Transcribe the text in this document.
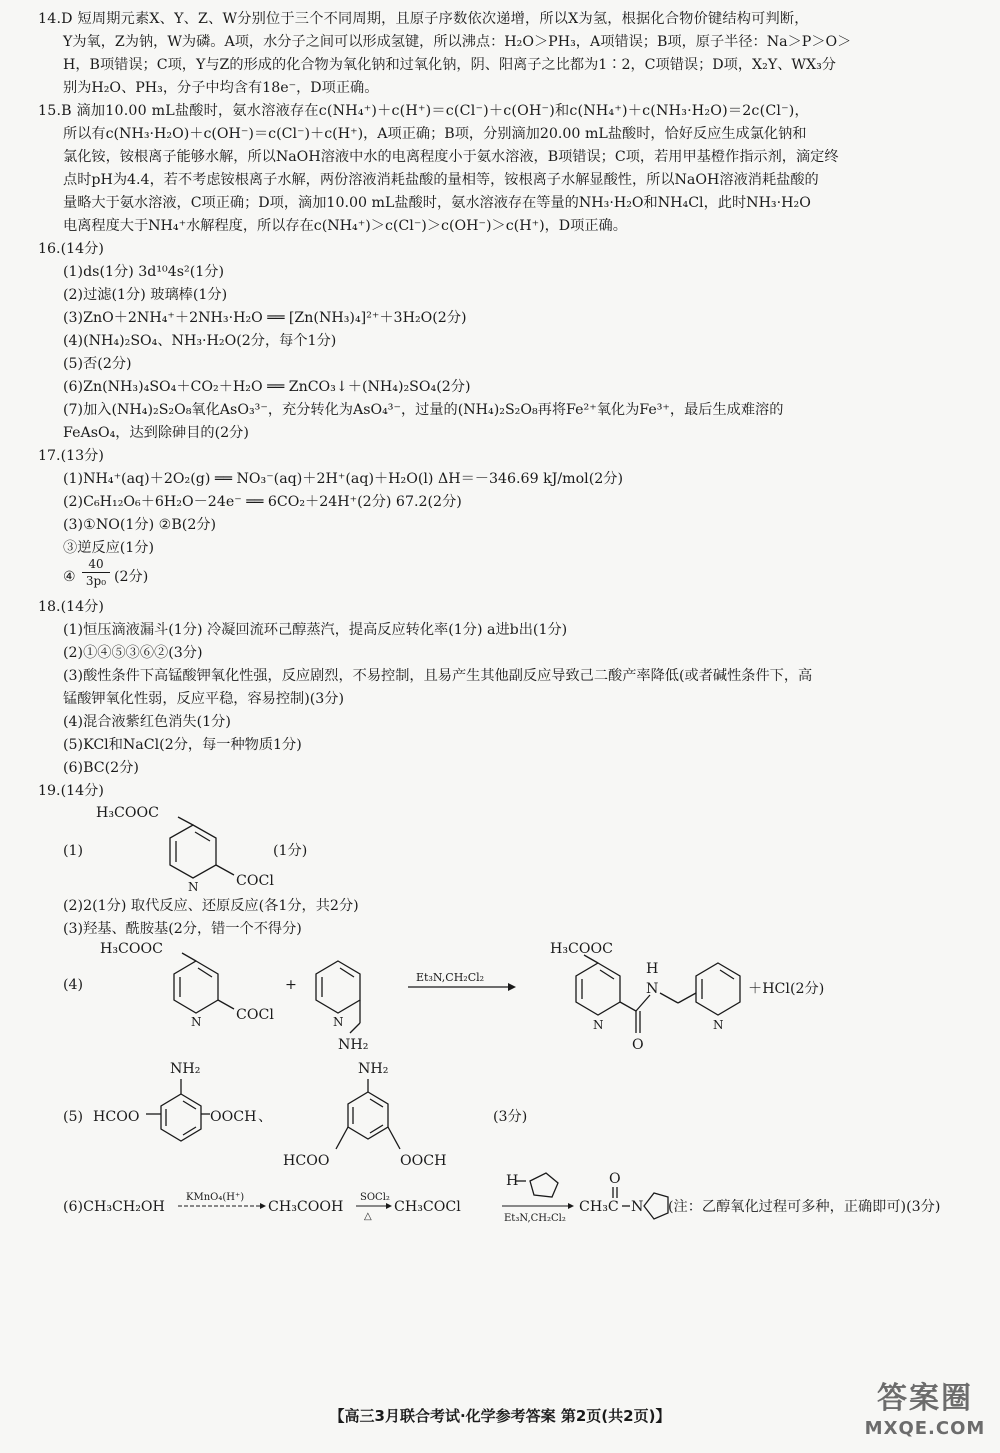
14.D 短周期元素X、Y、Z、W分别位于三个不同周期，且原子序数依次递增，所以X为氢，根据化合物价键结构可判断，
Y为氧，Z为钠，W为磷。A项，水分子之间可以形成氢键，所以沸点：H₂O＞PH₃，A项错误；B项，原子半径：Na＞P＞O＞
H，B项错误；C项，Y与Z的形成的化合物为氧化钠和过氧化钠，阴、阳离子之比都为1∶2，C项错误；D项，X₂Y、WX₃分
别为H₂O、PH₃，分子中均含有18e⁻，D项正确。
15.B 滴加10.00 mL盐酸时，氨水溶液存在c(NH₄⁺)＋c(H⁺)＝c(Cl⁻)＋c(OH⁻)和c(NH₄⁺)＋c(NH₃·H₂O)＝2c(Cl⁻)，
所以有c(NH₃·H₂O)＋c(OH⁻)＝c(Cl⁻)＋c(H⁺)，A项正确；B项，分别滴加20.00 mL盐酸时，恰好反应生成氯化钠和
氯化铵，铵根离子能够水解，所以NaOH溶液中水的电离程度小于氨水溶液，B项错误；C项，若用甲基橙作指示剂，滴定终
点时pH为4.4，若不考虑铵根离子水解，两份溶液消耗盐酸的量相等，铵根离子水解显酸性，所以NaOH溶液消耗盐酸的
量略大于氨水溶液，C项正确；D项，滴加10.00 mL盐酸时，氨水溶液存在等量的NH₃·H₂O和NH₄Cl，此时NH₃·H₂O
电离程度大于NH₄⁺水解程度，所以存在c(NH₄⁺)＞c(Cl⁻)＞c(OH⁻)＞c(H⁺)，D项正确。
16.(14分)
(1)ds(1分) 3d¹⁰4s²(1分)
(2)过滤(1分) 玻璃棒(1分)
(3)ZnO＋2NH₄⁺＋2NH₃·H₂O ══ [Zn(NH₃)₄]²⁺＋3H₂O(2分)
(4)(NH₄)₂SO₄、NH₃·H₂O(2分，每个1分)
(5)否(2分)
(6)Zn(NH₃)₄SO₄＋CO₂＋H₂O ══ ZnCO₃↓＋(NH₄)₂SO₄(2分)
(7)加入(NH₄)₂S₂O₈氧化AsO₃³⁻，充分转化为AsO₄³⁻，过量的(NH₄)₂S₂O₈再将Fe²⁺氧化为Fe³⁺，最后生成难溶的
FeAsO₄，达到除砷目的(2分)
17.(13分)
(1)NH₄⁺(aq)＋2O₂(g) ══ NO₃⁻(aq)＋2H⁺(aq)＋H₂O(l) ΔH＝－346.69 kJ/mol(2分)
(2)C₆H₁₂O₆＋6H₂O－24e⁻ ══ 6CO₂＋24H⁺(2分) 67.2(2分)
(3)①NO(1分) ②B(2分)
③逆反应(1分)
④
40
3p₀ (2分)
18.(14分)
(1)恒压滴液漏斗(1分) 冷凝回流环己醇蒸汽，提高反应转化率(1分) a进b出(1分)
(2)①④⑤③⑥②(3分)
(3)酸性条件下高锰酸钾氧化性强，反应剧烈，不易控制，且易产生其他副反应导致己二酸产率降低(或者碱性条件下，高
锰酸钾氧化性弱，反应平稳，容易控制)(3分)
(4)混合液紫红色消失(1分)
(5)KCl和NaCl(2分，每一种物质1分)
(6)BC(2分)
19.(14分)
(1)
H₃COOC
N	COCl
(1分)
(2)2(1分) 取代反应、还原反应(各1分，共2分)
(3)羟基、酰胺基(2分，错一个不得分)
(4)
H₃COOC
N COCl
+
N
NH₂
Et₃N,CH₂Cl₂
H₃COOC
N
O
H
N
N
＋HCl(2分)
(5)
NH₂
HCOO	OOCH 、
NH₂
HCOO	OOCH
(3分)
(6)CH₃CH₂OH
KMnO₄(H⁺)
CH₃COOH
SOCl₂
△
CH₃COCl
H
Et₃N,CH₂Cl₂
CH₃C
O
N (注：乙醇氧化过程可多种，正确即可)(3分)
【高三3月联合考试·化学参考答案 第2页(共2页)】	答案圈
MXQE.COM
